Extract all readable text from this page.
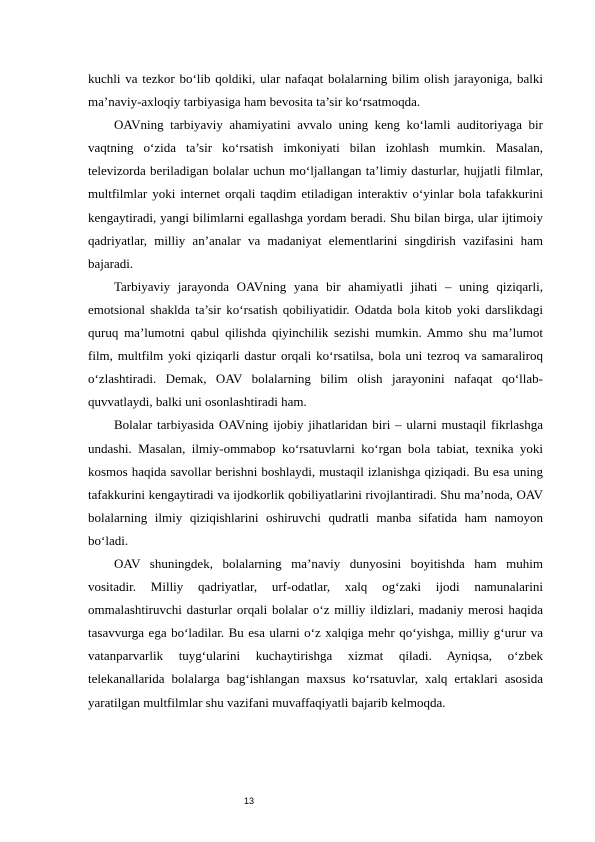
kuchli va tezkor bo‘lib qoldiki, ular nafaqat bolalarning bilim olish jarayoniga, balki ma’naviy-axloqiy tarbiyasiga ham bevosita ta’sir ko‘rsatmoqda.

OAVning tarbiyaviy ahamiyatini avvalo uning keng ko‘lamli auditoriyaga bir vaqtning o‘zida ta’sir ko‘rsatish imkoniyati bilan izohlash mumkin. Masalan, televizorda beriladigan bolalar uchun mo‘ljallangan ta’limiy dasturlar, hujjatli filmlar, multfilmlar yoki internet orqali taqdim etiladigan interaktiv o‘yinlar bola tafakkurini kengaytiradi, yangi bilimlarni egallashga yordam beradi. Shu bilan birga, ular ijtimoiy qadriyatlar, milliy an’analar va madaniyat elementlarini singdirish vazifasini ham bajaradi.

Tarbiyaviy jarayonda OAVning yana bir ahamiyatli jihati – uning qiziqarli, emotsional shaklda ta’sir ko‘rsatish qobiliyatidir. Odatda bola kitob yoki darslikdagi quruq ma’lumotni qabul qilishda qiyinchilik sezishi mumkin. Ammo shu ma’lumot film, multfilm yoki qiziqarli dastur orqali ko‘rsatilsa, bola uni tezroq va samaraliroq o‘zlashtiradi. Demak, OAV bolalarning bilim olish jarayonini nafaqat qo‘llab-quvvatlaydi, balki uni osonlashtiradi ham.

Bolalar tarbiyasida OAVning ijobiy jihatlaridan biri – ularni mustaqil fikrlashga undashi. Masalan, ilmiy-ommabop ko‘rsatuvlarni ko‘rgan bola tabiat, texnika yoki kosmos haqida savollar berishni boshlaydi, mustaqil izlanishga qiziqadi. Bu esa uning tafakkurini kengaytiradi va ijodkorlik qobiliyatlarini rivojlantiradi. Shu ma’noda, OAV bolalarning ilmiy qiziqishlarini oshiruvchi qudratli manba sifatida ham namoyon bo‘ladi.

OAV shuningdek, bolalarning ma’naviy dunyosini boyitishda ham muhim vositadir. Milliy qadriyatlar, urf-odatlar, xalq og‘zaki ijodi namunalarini ommalashtiruvchi dasturlar orqali bolalar o‘z milliy ildizlari, madaniy merosi haqida tasavvurga ega bo‘ladilar. Bu esa ularni o‘z xalqiga mehr qo‘yishga, milliy g‘urur va vatanparvarlik tuyg‘ularini kuchaytirishga xizmat qiladi. Ayniqsa, o‘zbek telekanallarida bolalarga bag‘ishlangan maxsus ko‘rsatuvlar, xalq ertaklari asosida yaratilgan multfilmlar shu vazifani muvaffaqiyatli bajarib kelmoqda.

13
